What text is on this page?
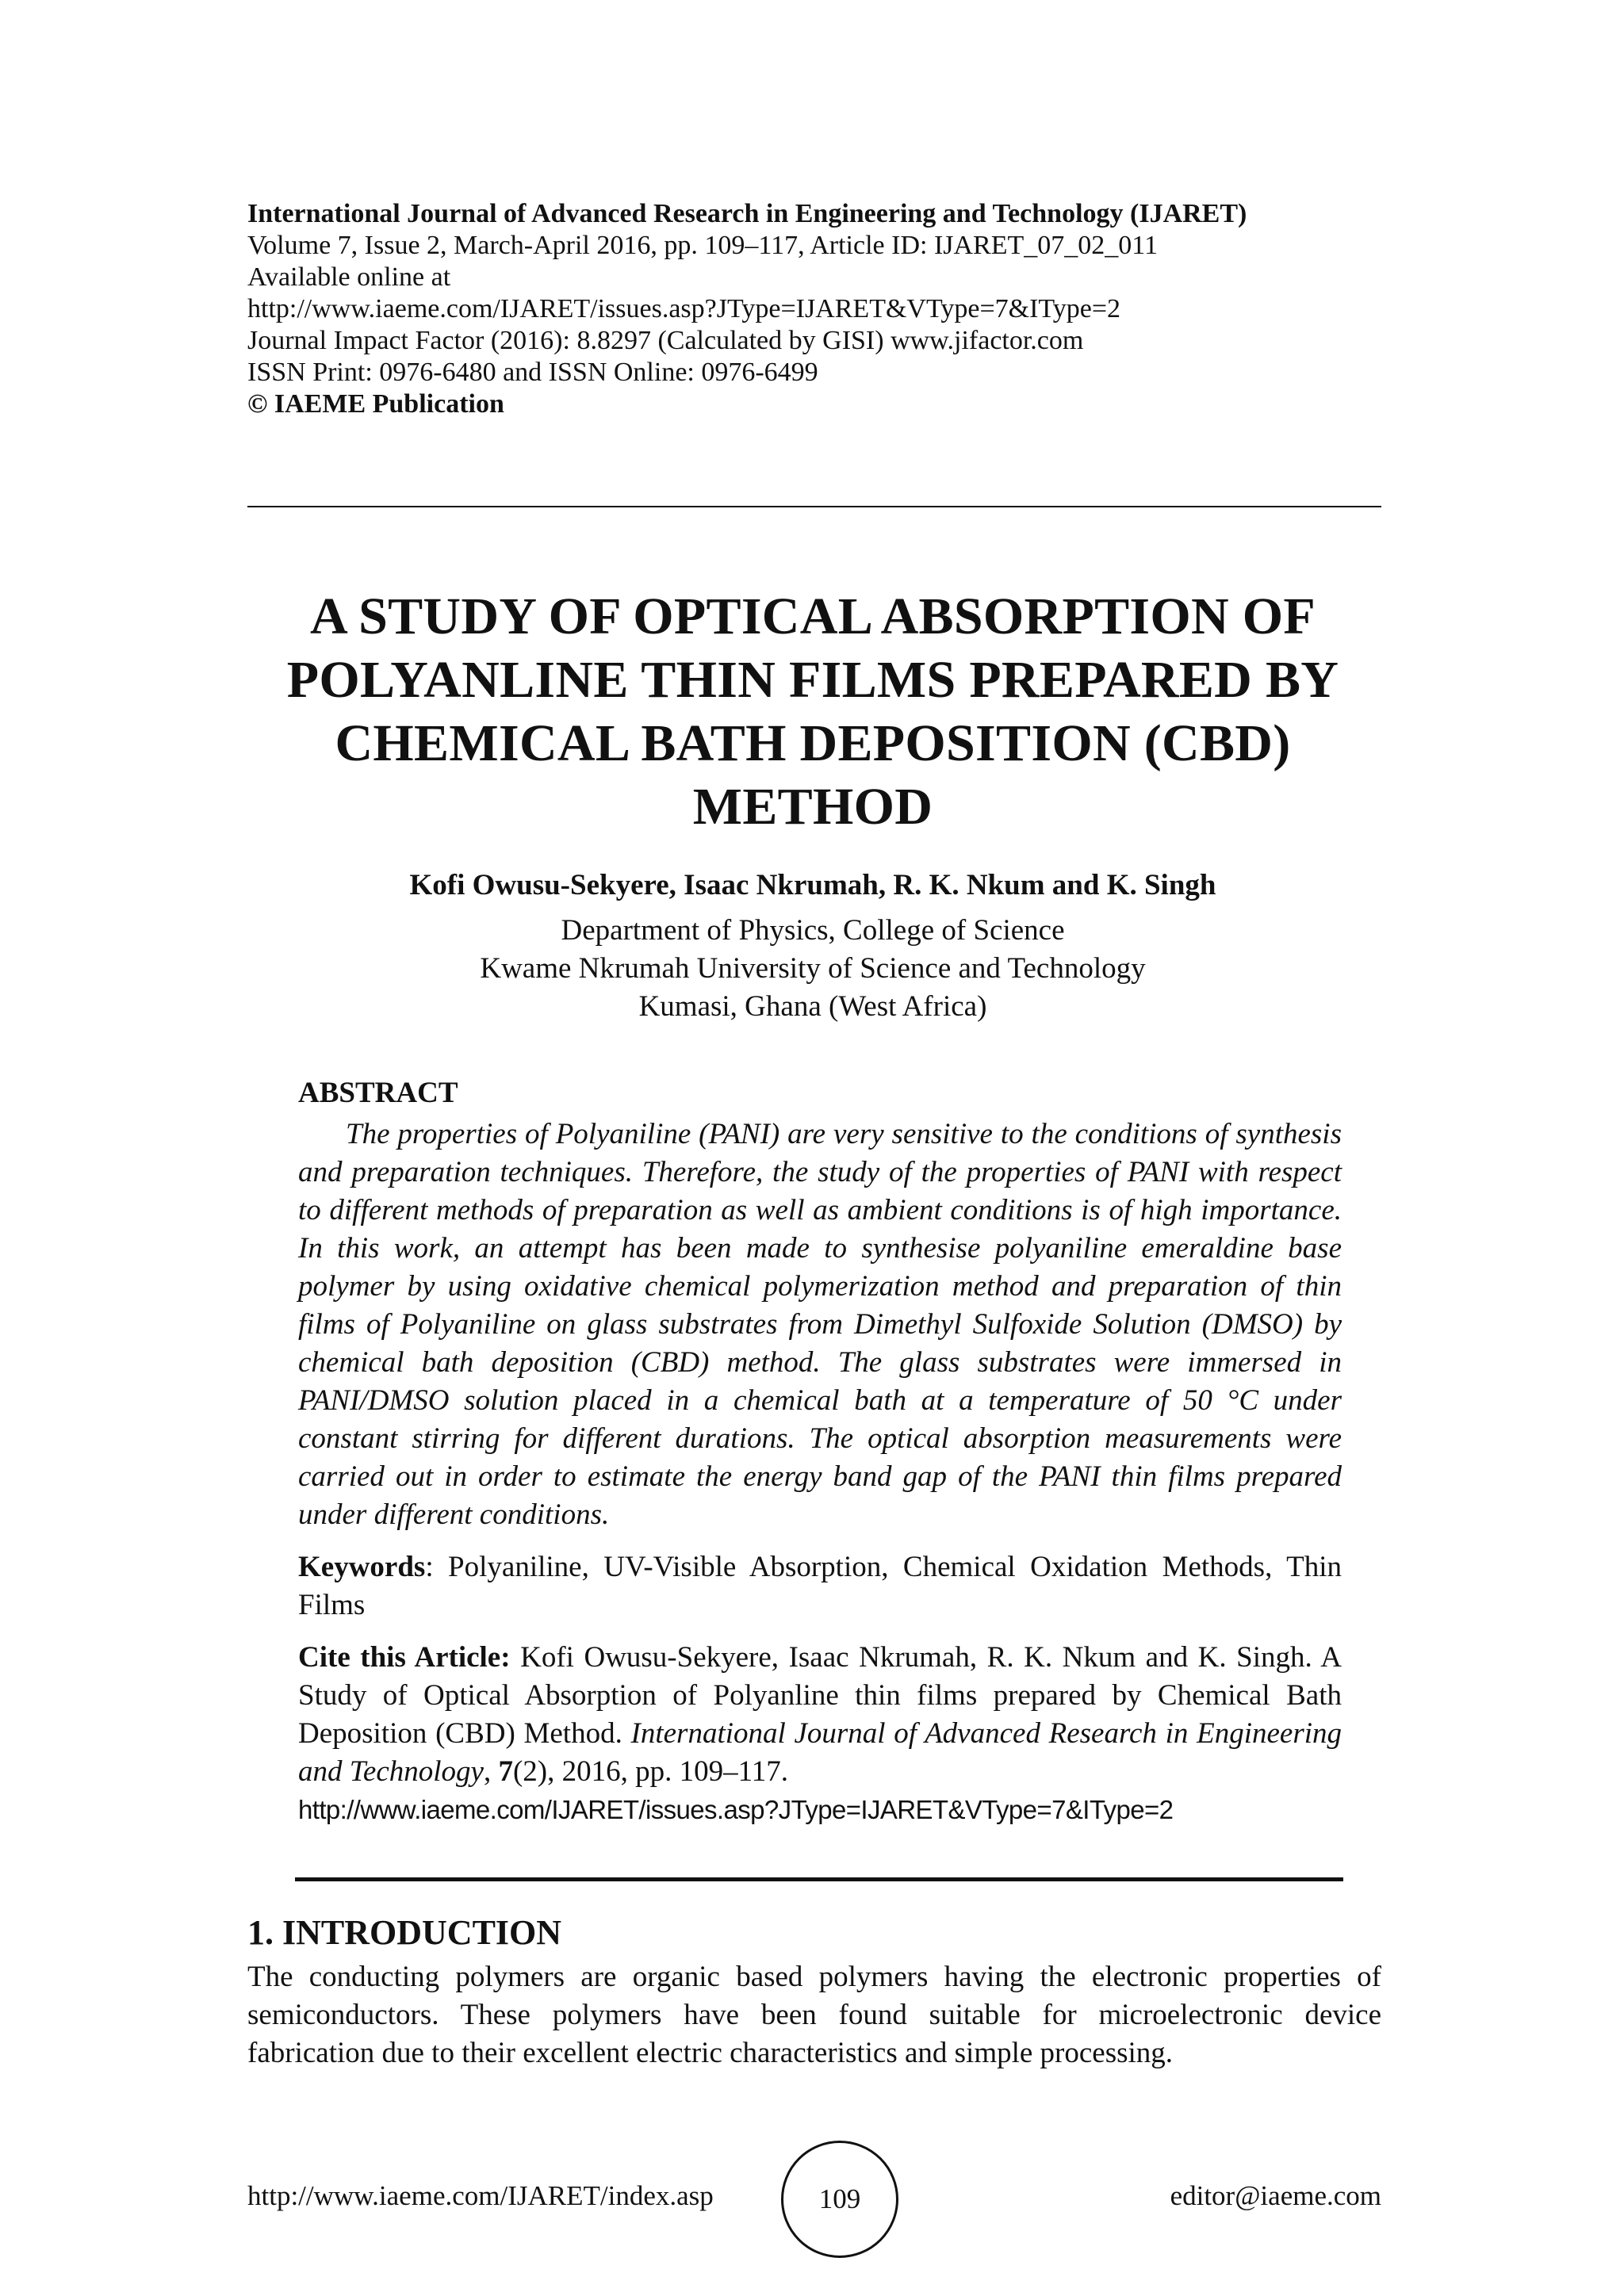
International Journal of Advanced Research in Engineering and Technology (IJARET)
Volume 7, Issue 2, March-April 2016, pp. 109–117, Article ID: IJARET_07_02_011
Available online at
http://www.iaeme.com/IJARET/issues.asp?JType=IJARET&VType=7&IType=2
Journal Impact Factor (2016): 8.8297 (Calculated by GISI) www.jifactor.com
ISSN Print: 0976-6480 and ISSN Online: 0976-6499
© IAEME Publication
A STUDY OF OPTICAL ABSORPTION OF POLYANLINE THIN FILMS PREPARED BY CHEMICAL BATH DEPOSITION (CBD) METHOD
Kofi Owusu-Sekyere, Isaac Nkrumah, R. K. Nkum and K. Singh
Department of Physics, College of Science
Kwame Nkrumah University of Science and Technology
Kumasi, Ghana (West Africa)
ABSTRACT

The properties of Polyaniline (PANI) are very sensitive to the conditions of synthesis and preparation techniques. Therefore, the study of the properties of PANI with respect to different methods of preparation as well as ambient conditions is of high importance. In this work, an attempt has been made to synthesise polyaniline emeraldine base polymer by using oxidative chemical polymerization method and preparation of thin films of Polyaniline on glass substrates from Dimethyl Sulfoxide Solution (DMSO) by chemical bath deposition (CBD) method. The glass substrates were immersed in PANI/DMSO solution placed in a chemical bath at a temperature of 50 °C under constant stirring for different durations. The optical absorption measurements were carried out in order to estimate the energy band gap of the PANI thin films prepared under different conditions.

Keywords: Polyaniline, UV-Visible Absorption, Chemical Oxidation Methods, Thin Films
Cite this Article: Kofi Owusu-Sekyere, Isaac Nkrumah, R. K. Nkum and K. Singh. A Study of Optical Absorption of Polyanline thin films prepared by Chemical Bath Deposition (CBD) Method. International Journal of Advanced Research in Engineering and Technology, 7(2), 2016, pp. 109–117.
http://www.iaeme.com/IJARET/issues.asp?JType=IJARET&VType=7&IType=2
1. INTRODUCTION

The conducting polymers are organic based polymers having the electronic properties of semiconductors. These polymers have been found suitable for microelectronic device fabrication due to their excellent electric characteristics and simple processing.

http://www.iaeme.com/IJARET/index.asp	109	editor@iaeme.com
